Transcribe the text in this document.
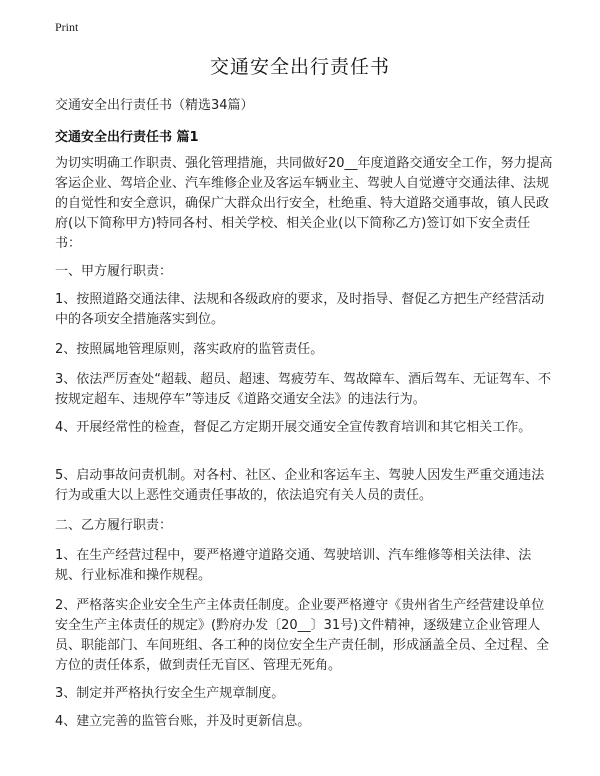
Print
交通安全出行责任书
交通安全出行责任书（精选34篇）
交通安全出行责任书 篇1
为切实明确工作职责、强化管理措施，共同做好20__年度道路交通安全工作，努力提高客运企业、驾培企业、汽车维修企业及客运车辆业主、驾驶人自觉遵守交通法律、法规的自觉性和安全意识，确保广大群众出行安全，杜绝重、特大道路交通事故，镇人民政府(以下简称甲方)特同各村、相关学校、相关企业(以下简称乙方)签订如下安全责任书：
一、甲方履行职责：
1、按照道路交通法律、法规和各级政府的要求，及时指导、督促乙方把生产经营活动中的各项安全措施落实到位。
2、按照属地管理原则，落实政府的监管责任。
3、依法严厉查处“超载、超员、超速、驾疲劳车、驾故障车、酒后驾车、无证驾车、不按规定超车、违规停车”等违反《道路交通安全法》的违法行为。
4、开展经常性的检查，督促乙方定期开展交通安全宣传教育培训和其它相关工作。
5、启动事故问责机制。对各村、社区、企业和客运车主、驾驶人因发生严重交通违法行为或重大以上恶性交通责任事故的，依法追究有关人员的责任。
二、乙方履行职责：
1、在生产经营过程中，要严格遵守道路交通、驾驶培训、汽车维修等相关法律、法规、行业标准和操作规程。
2、严格落实企业安全生产主体责任制度。企业要严格遵守《贵州省生产经营建设单位安全生产主体责任的规定》(黔府办发〔20__〕31号)文件精神，逐级建立企业管理人员、职能部门、车间班组、各工种的岗位安全生产责任制，形成涵盖全员、全过程、全方位的责任体系，做到责任无盲区、管理无死角。
3、制定并严格执行安全生产规章制度。
4、建立完善的监管台账，并及时更新信息。
